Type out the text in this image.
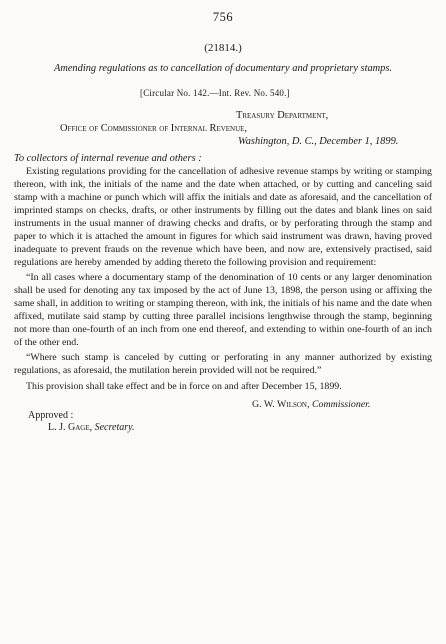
756
(21814.)
Amending regulations as to cancellation of documentary and proprietary stamps.
[Circular No. 142.—Int. Rev. No. 540.]
Treasury Department,
Office of Commissioner of Internal Revenue,
Washington, D. C., December 1, 1899.
To collectors of internal revenue and others :

Existing regulations providing for the cancellation of adhesive revenue stamps by writing or stamping thereon, with ink, the initials of the name and the date when attached, or by cutting and canceling said stamp with a machine or punch which will affix the initials and date as aforesaid, and the cancellation of imprinted stamps on checks, drafts, or other instruments by filling out the dates and blank lines on said instruments in the usual manner of drawing checks and drafts, or by perforating through the stamp and paper to which it is attached the amount in figures for which said instrument was drawn, having proved inadequate to prevent frauds on the revenue which have been, and now are, extensively practised, said regulations are hereby amended by adding thereto the following provision and requirement:

“In all cases where a documentary stamp of the denomination of 10 cents or any larger denomination shall be used for denoting any tax imposed by the act of June 13, 1898, the person using or affixing the same shall, in addition to writing or stamping thereon, with ink, the initials of his name and the date when affixed, mutilate said stamp by cutting three parallel incisions lengthwise through the stamp, beginning not more than one-fourth of an inch from one end thereof, and extending to within one-fourth of an inch of the other end.

“Where such stamp is canceled by cutting or perforating in any manner authorized by existing regulations, as aforesaid, the mutilation herein provided will not be required.”

This provision shall take effect and be in force on and after December 15, 1899.

G. W. Wilson, Commissioner.
Approved :
L. J. Gage, Secretary.
